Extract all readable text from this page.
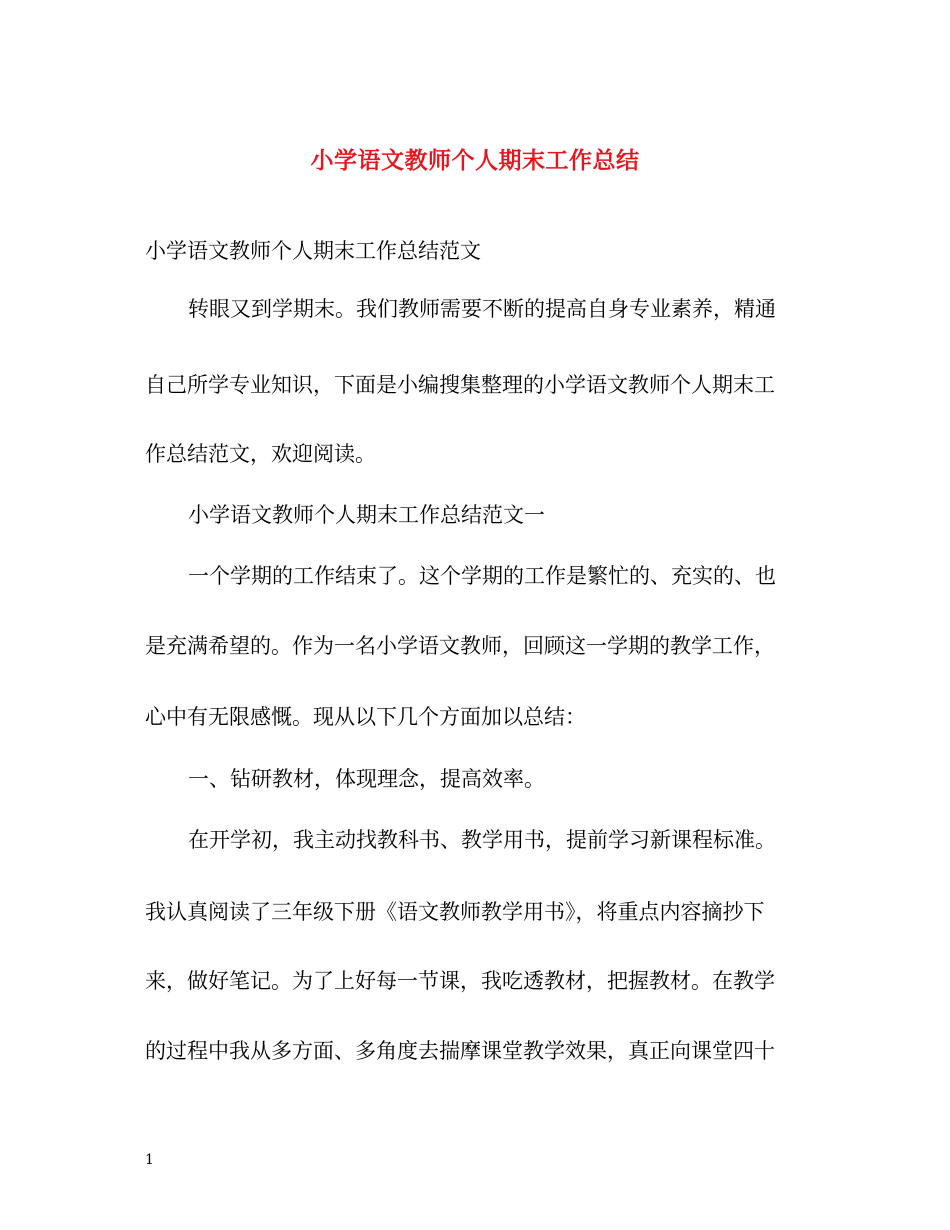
小学语文教师个人期末工作总结
小学语文教师个人期末工作总结范文
转眼又到学期末。我们教师需要不断的提高自身专业素养，精通
自己所学专业知识，下面是小编搜集整理的小学语文教师个人期末工
作总结范文，欢迎阅读。
小学语文教师个人期末工作总结范文一
一个学期的工作结束了。这个学期的工作是繁忙的、充实的、也
是充满希望的。作为一名小学语文教师，回顾这一学期的教学工作，
心中有无限感慨。现从以下几个方面加以总结：
一、钻研教材，体现理念，提高效率。
在开学初，我主动找教科书、教学用书，提前学习新课程标准。
我认真阅读了三年级下册《语文教师教学用书》，将重点内容摘抄下
来，做好笔记。为了上好每一节课，我吃透教材，把握教材。在教学
的过程中我从多方面、多角度去揣摩课堂教学效果，真正向课堂四十
1
